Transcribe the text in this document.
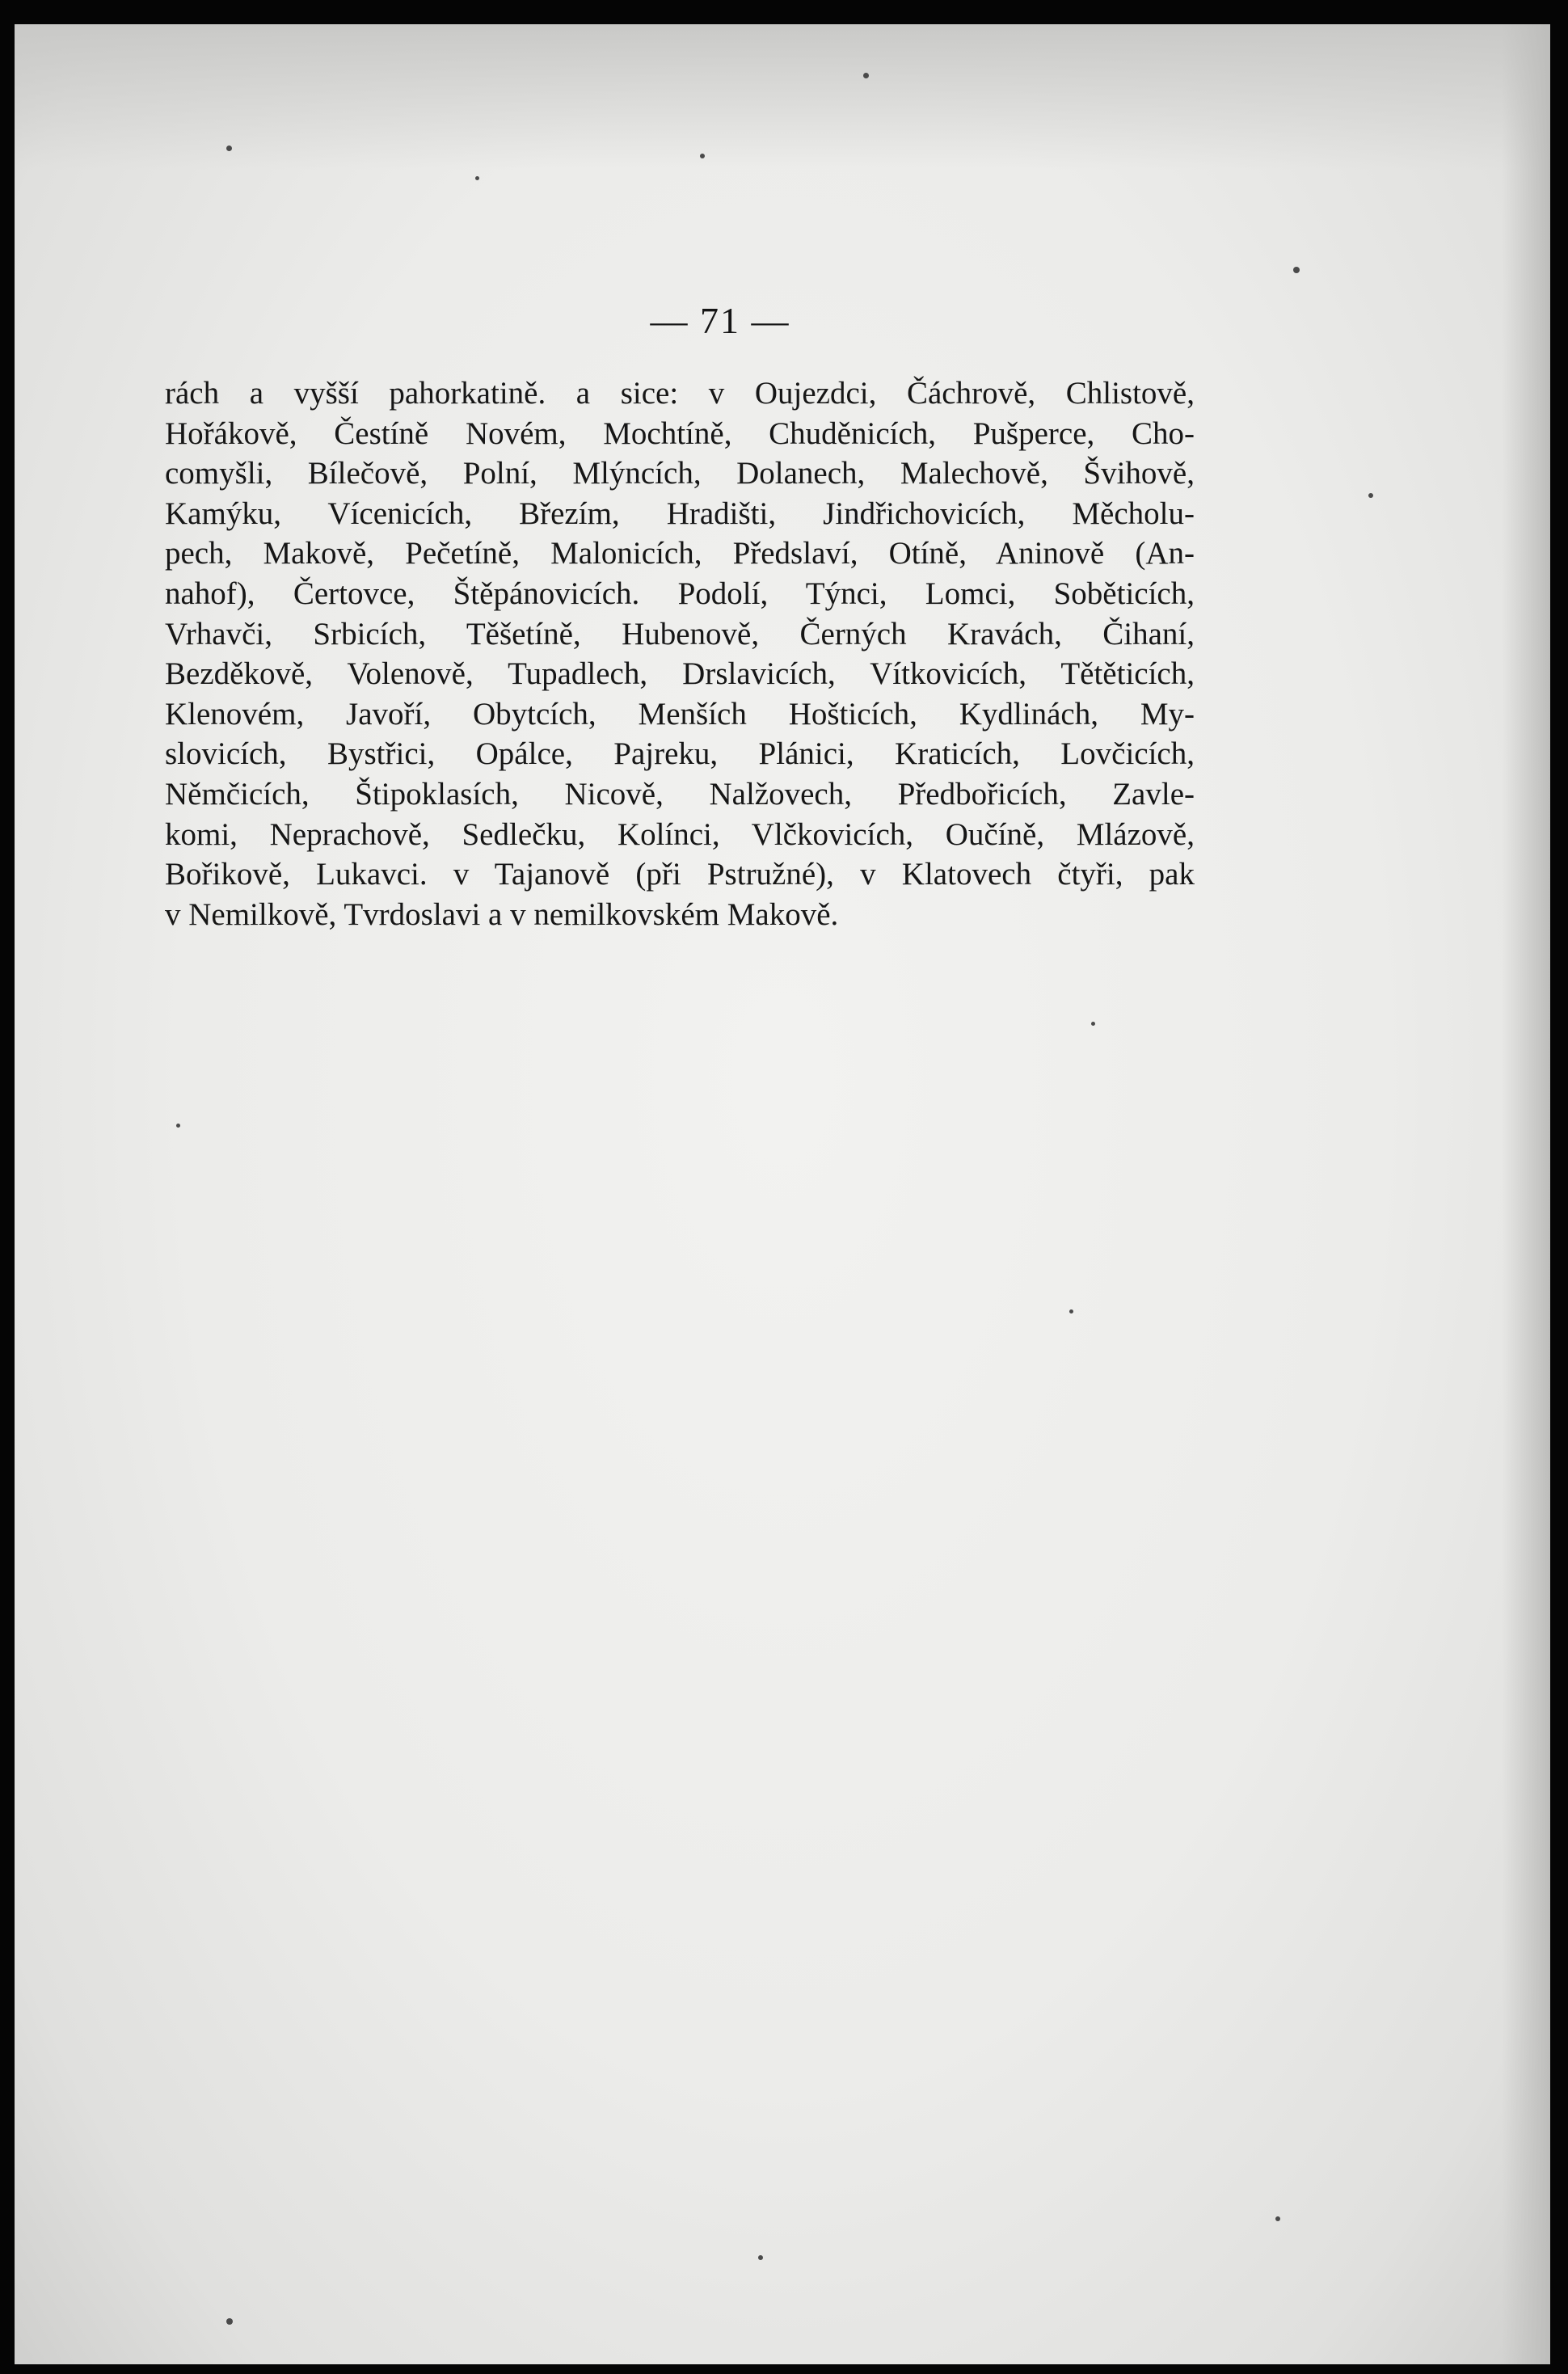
— 71 —
rách a vyšší pahorkatině. a sice: v Oujezdci, Čáchrově, Chlistově,
Hořákově, Čestíně Novém, Mochtíně, Chuděnicích, Pušperce, Cho-
comyšli, Bílečově, Polní, Mlýncích, Dolanech, Malechově, Švihově,
Kamýku, Vícenicích, Březím, Hradišti, Jindřichovicích, Měcholu-
pech, Makově, Pečetíně, Malonicích, Předslaví, Otíně, Aninově (An-
nahof), Čertovce, Štěpánovicích. Podolí, Týnci, Lomci, Soběticích,
Vrhavči, Srbicích, Těšetíně, Hubenově, Černých Kravách, Čihaní,
Bezděkově, Volenově, Tupadlech, Drslavicích, Vítkovicích, Tětěticích,
Klenovém, Javoří, Obytcích, Menších Hošticích, Kydlinách, My-
slovicích, Bystřici, Opálce, Pajreku, Plánici, Kraticích, Lovčicích,
Němčicích, Štipoklasích, Nicově, Nalžovech, Předbořicích, Zavle-
komi, Neprachově, Sedlečku, Kolínci, Vlčkovicích, Oučíně, Mlázově,
Bořikově, Lukavci. v Tajanově (při Pstružné), v Klatovech čtyři, pak
v Nemilkově, Tvrdoslavi a v nemilkovském Makově.
